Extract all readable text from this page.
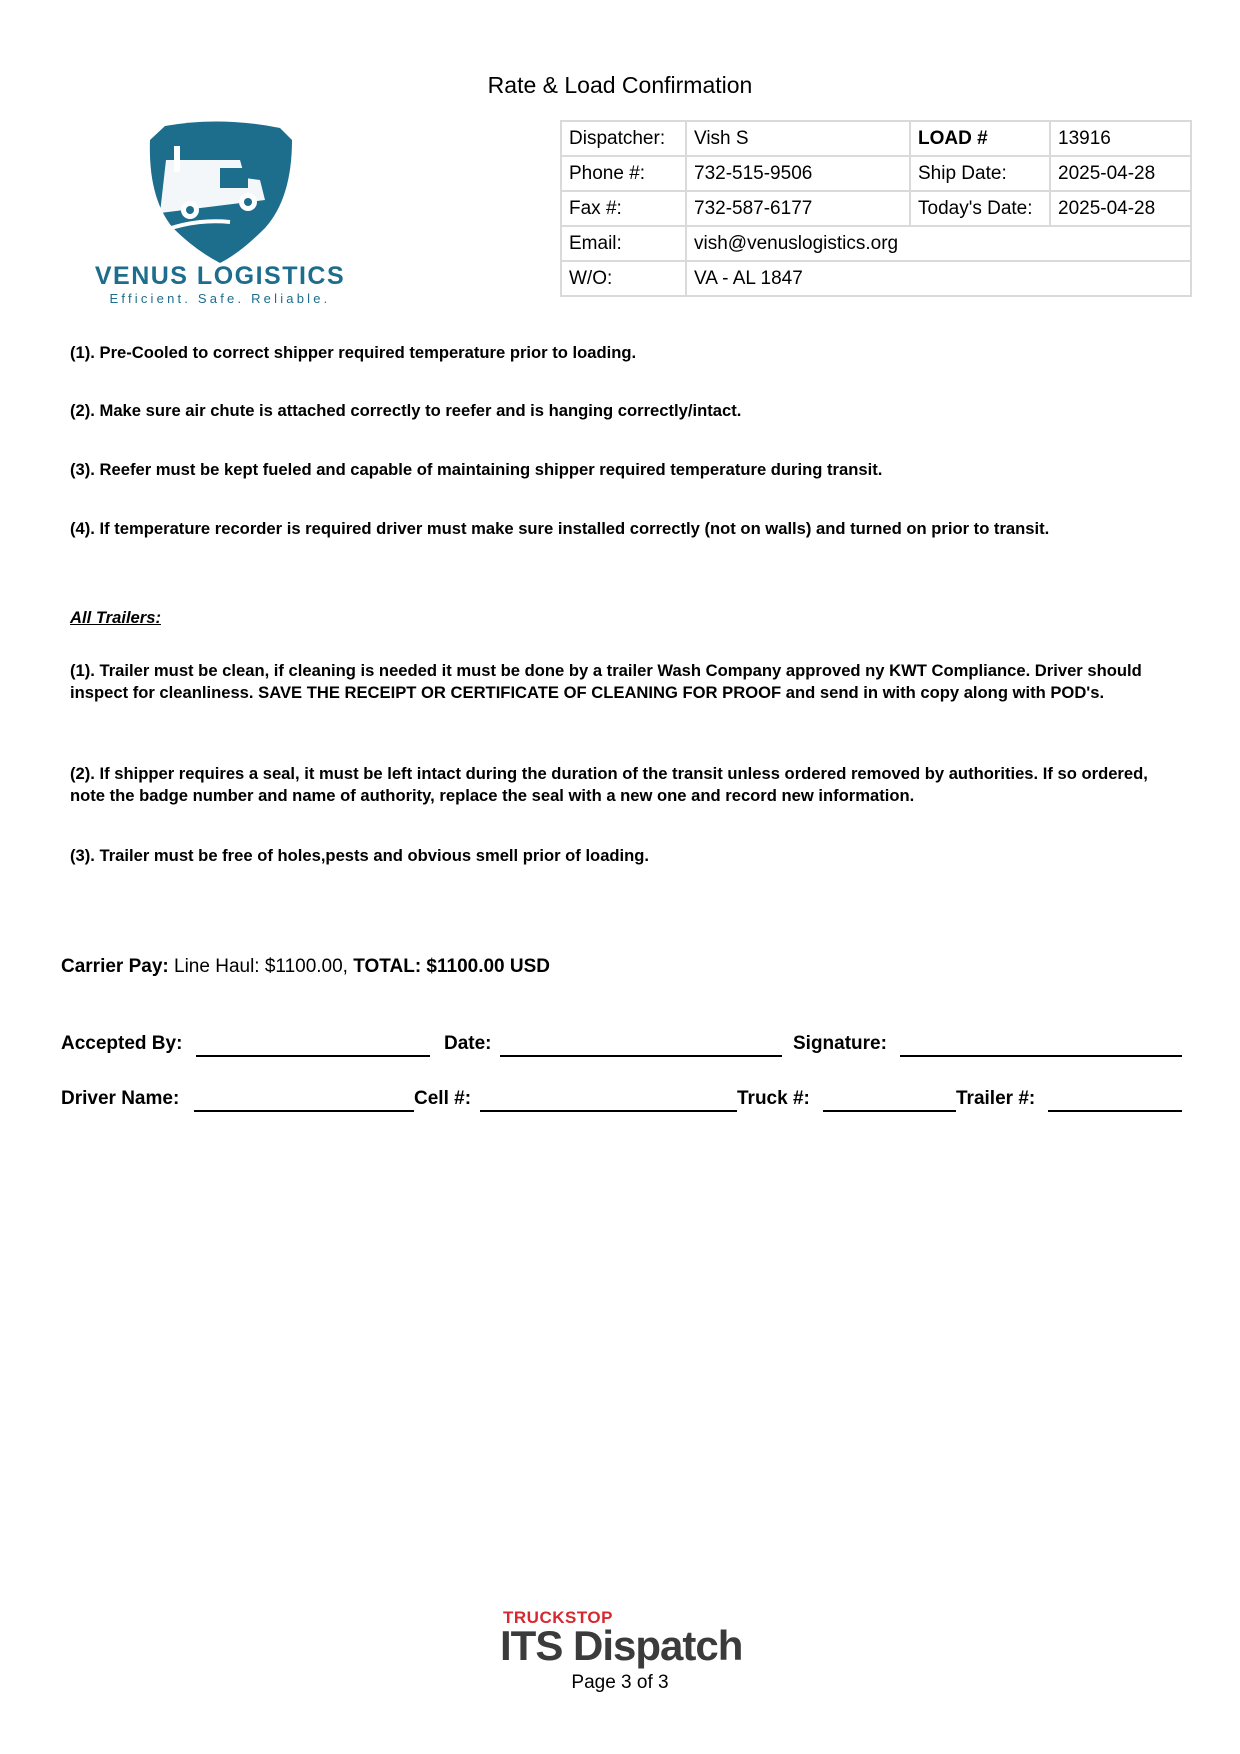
Rate & Load Confirmation
VENUS LOGISTICS
Efficient. Safe. Reliable.
Dispatcher:	Vish S	LOAD #	13916
Phone #:	732-515-9506	Ship Date:	2025-04-28
Fax #:	732-587-6177	Today's Date:	2025-04-28
Email:	vish@venuslogistics.org		
W/O:	VA - AL 1847		
(1). Pre-Cooled to correct shipper required temperature prior to loading.
(2). Make sure air chute is attached correctly to reefer and is hanging correctly/intact.
(3). Reefer must be kept fueled and capable of maintaining shipper required temperature during transit.
(4). If temperature recorder is required driver must make sure installed correctly (not on walls) and turned on prior to transit.
All Trailers:
(1). Trailer must be clean, if cleaning is needed it must be done by a trailer Wash Company approved ny KWT Compliance. Driver should inspect for cleanliness. SAVE THE RECEIPT OR CERTIFICATE OF CLEANING FOR PROOF and send in with copy along with POD's.
(2). If shipper requires a seal, it must be left intact during the duration of the transit unless ordered removed by authorities. If so ordered, note the badge number and name of authority, replace the seal with a new one and record new information.
(3). Trailer must be free of holes,pests and obvious smell prior of loading.
Carrier Pay: Line Haul: $1100.00, TOTAL: $1100.00 USD
Accepted By:	Date:	Signature:
Driver Name:	Cell #:	Truck #:	Trailer #:
TRUCKSTOP
ITS Dispatch
Page 3 of 3
